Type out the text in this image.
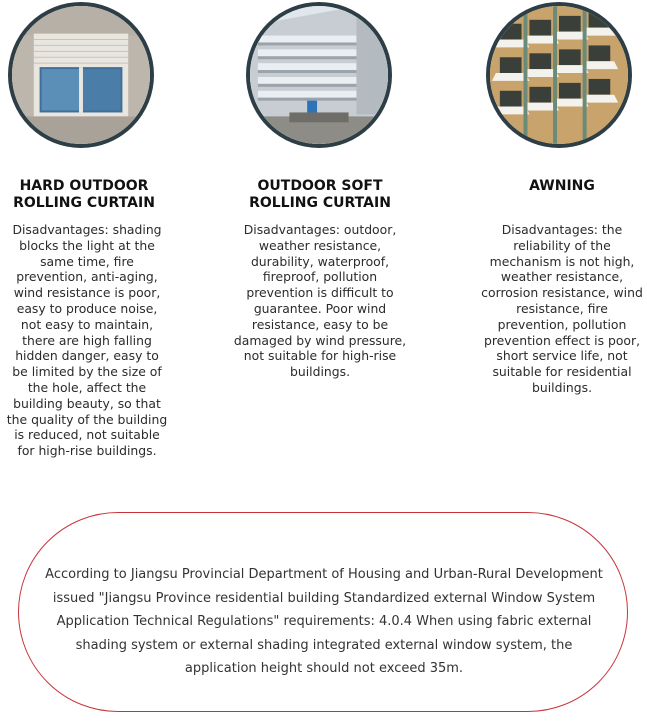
HARD OUTDOOR
ROLLING CURTAIN
Disadvantages: shading
blocks the light at the
same time, fire
prevention, anti-aging,
wind resistance is poor,
easy to produce noise,
not easy to maintain,
there are high falling
hidden danger, easy to
be limited by the size of
the hole, affect the
building beauty, so that
the quality of the building
is reduced, not suitable
for high-rise buildings.
OUTDOOR SOFT
ROLLING CURTAIN
Disadvantages: outdoor,
weather resistance,
durability, waterproof,
fireproof, pollution
prevention is difficult to
guarantee. Poor wind
resistance, easy to be
damaged by wind pressure,
not suitable for high-rise
buildings.
AWNING
Disadvantages: the
reliability of the
mechanism is not high,
weather resistance,
corrosion resistance, wind
resistance, fire
prevention, pollution
prevention effect is poor,
short service life, not
suitable for residential
buildings.
According to Jiangsu Provincial Department of Housing and Urban-Rural Development
issued "Jiangsu Province residential building Standardized external Window System
Application Technical Regulations" requirements: 4.0.4 When using fabric external
shading system or external shading integrated external window system, the
application height should not exceed 35m.
